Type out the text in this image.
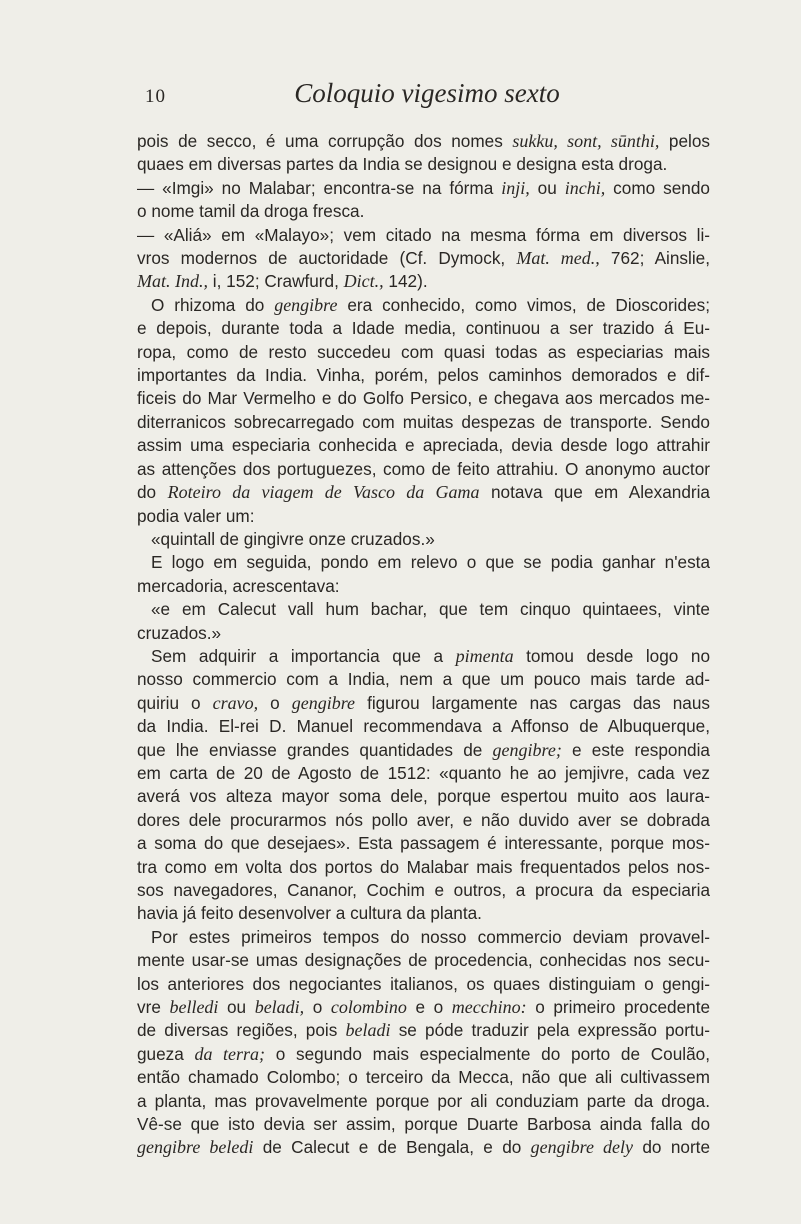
10	Coloquio vigesimo sexto
pois de secco, é uma corrupção dos nomes sukku, sont, sūnthi, pelos
quaes em diversas partes da India se designou e designa esta droga.
— «Imgi» no Malabar; encontra-se na fórma inji, ou inchi, como sendo
o nome tamil da droga fresca.
— «Aliá» em «Malayo»; vem citado na mesma fórma em diversos li-
vros modernos de auctoridade (Cf. Dymock, Mat. med., 762; Ainslie,
Mat. Ind., i, 152; Crawfurd, Dict., 142).
O rhizoma do gengibre era conhecido, como vimos, de Dioscorides;
e depois, durante toda a Idade media, continuou a ser trazido á Eu-
ropa, como de resto succedeu com quasi todas as especiarias mais
importantes da India. Vinha, porém, pelos caminhos demorados e dif-
ficeis do Mar Vermelho e do Golfo Persico, e chegava aos mercados me-
diterranicos sobrecarregado com muitas despezas de transporte. Sendo
assim uma especiaria conhecida e apreciada, devia desde logo attrahir
as attenções dos portuguezes, como de feito attrahiu. O anonymo auctor
do Roteiro da viagem de Vasco da Gama notava que em Alexandria
podia valer um:
«quintall de gingivre onze cruzados.»
E logo em seguida, pondo em relevo o que se podia ganhar n'esta
mercadoria, acrescentava:
«e em Calecut vall hum bachar, que tem cinquo quintaees, vinte
cruzados.»
Sem adquirir a importancia que a pimenta tomou desde logo no
nosso commercio com a India, nem a que um pouco mais tarde ad-
quiriu o cravo, o gengibre figurou largamente nas cargas das naus
da India. El-rei D. Manuel recommendava a Affonso de Albuquerque,
que lhe enviasse grandes quantidades de gengibre; e este respondia
em carta de 20 de Agosto de 1512: «quanto he ao jemjivre, cada vez
averá vos alteza mayor soma dele, porque espertou muito aos laura-
dores dele procurarmos nós pollo aver, e não duvido aver se dobrada
a soma do que desejaes». Esta passagem é interessante, porque mos-
tra como em volta dos portos do Malabar mais frequentados pelos nos-
sos navegadores, Cananor, Cochim e outros, a procura da especiaria
havia já feito desenvolver a cultura da planta.
Por estes primeiros tempos do nosso commercio deviam provavel-
mente usar-se umas designações de procedencia, conhecidas nos secu-
los anteriores dos negociantes italianos, os quaes distinguiam o gengi-
vre belledi ou beladi, o colombino e o mecchino: o primeiro procedente
de diversas regiões, pois beladi se póde traduzir pela expressão portu-
gueza da terra; o segundo mais especialmente do porto de Coulão,
então chamado Colombo; o terceiro da Mecca, não que ali cultivassem
a planta, mas provavelmente porque por ali conduziam parte da droga.
Vê-se que isto devia ser assim, porque Duarte Barbosa ainda falla do
gengibre beledi de Calecut e de Bengala, e do gengibre dely do norte
